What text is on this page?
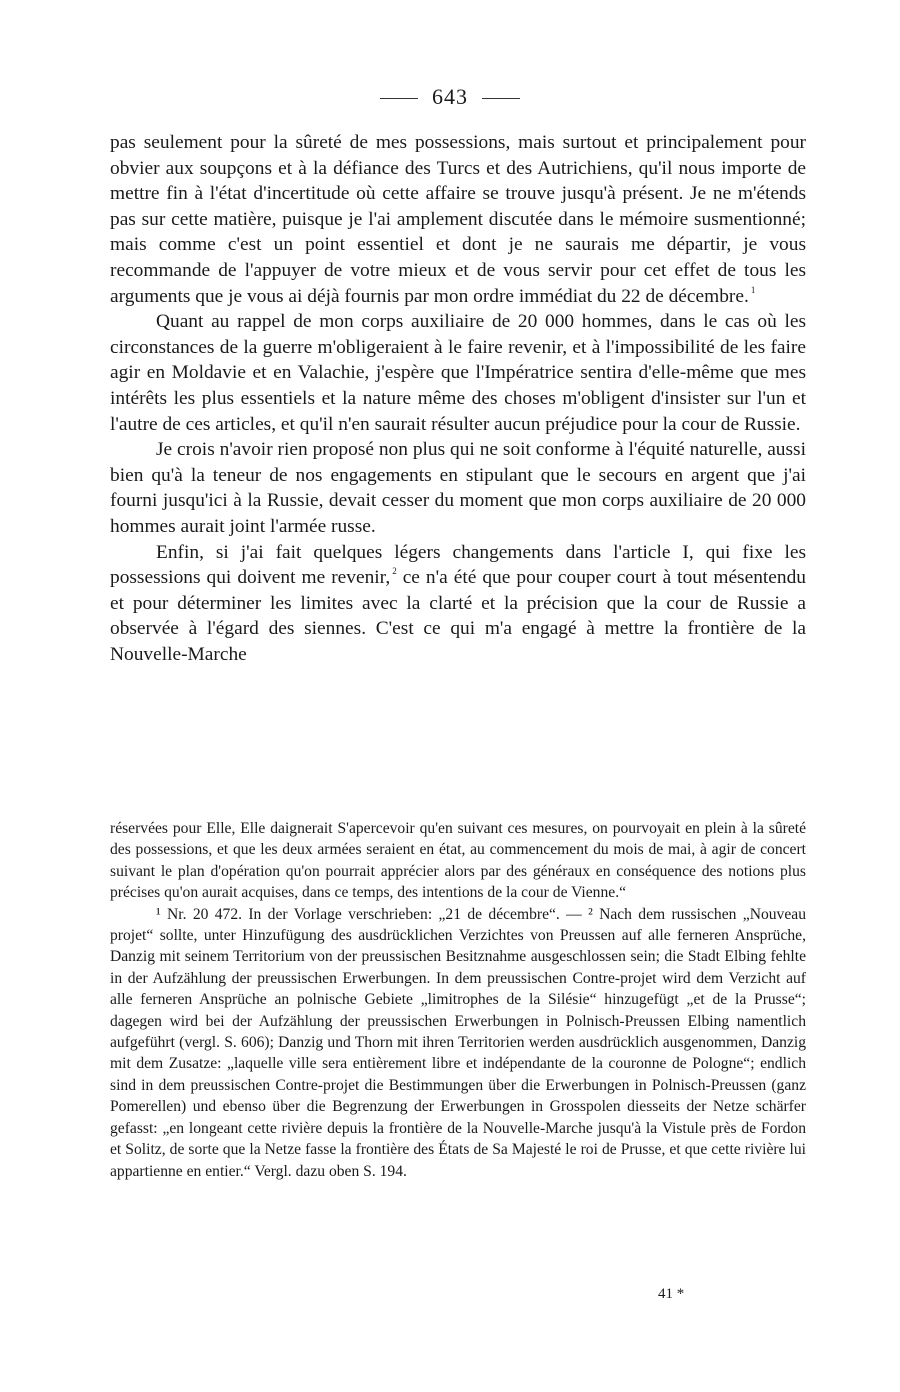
643

pas seulement pour la sûreté de mes possessions, mais surtout et principalement pour obvier aux soupçons et à la défiance des Turcs et des Autrichiens, qu'il nous importe de mettre fin à l'état d'incertitude où cette affaire se trouve jusqu'à présent. Je ne m'étends pas sur cette matière, puisque je l'ai amplement discutée dans le mémoire susmentionné; mais comme c'est un point essentiel et dont je ne saurais me départir, je vous recommande de l'appuyer de votre mieux et de vous servir pour cet effet de tous les arguments que je vous ai déjà fournis par mon ordre immédiat du 22 de décembre. $^1$

Quant au rappel de mon corps auxiliaire de 20 000 hommes, dans le cas où les circonstances de la guerre m'obligeraient à le faire revenir, et à l'impossibilité de les faire agir en Moldavie et en Valachie, j'espère que l'Impératrice sentira d'elle-même que mes intérêts les plus essentiels et la nature même des choses m'obligent d'insister sur l'un et l'autre de ces articles, et qu'il n'en saurait résulter aucun préjudice pour la cour de Russie.

Je crois n'avoir rien proposé non plus qui ne soit conforme à l'équité naturelle, aussi bien qu'à la teneur de nos engagements en stipulant que le secours en argent que j'ai fourni jusqu'ici à la Russie, devait cesser du moment que mon corps auxiliaire de 20 000 hommes aurait joint l'armée russe.

Enfin, si j'ai fait quelques légers changements dans l'article I, qui fixe les possessions qui doivent me revenir, $^2$ ce n'a été que pour couper court à tout mésentendu et pour déterminer les limites avec la clarté et la précision que la cour de Russie a observée à l'égard des siennes. C'est ce qui m'a engagé à mettre la frontière de la Nouvelle-Marche

réservées pour Elle, Elle daignerait S'apercevoir qu'en suivant ces mesures, on pourvoyait en plein à la sûreté des possessions, et que les deux armées seraient en état, au commencement du mois de mai, à agir de concert suivant le plan d'opération qu'on pourrait apprécier alors par des généraux en conséquence des notions plus précises qu'on aurait acquises, dans ce temps, des intentions de la cour de Vienne.“

¹ Nr. 20 472. In der Vorlage verschrieben: „21 de décembre“. — ² Nach dem russischen „Nouveau projet“ sollte, unter Hinzufügung des ausdrücklichen Verzichtes von Preussen auf alle ferneren Ansprüche, Danzig mit seinem Territorium von der preussischen Besitznahme ausgeschlossen sein; die Stadt Elbing fehlte in der Aufzählung der preussischen Erwerbungen. In dem preussischen Contre-projet wird dem Verzicht auf alle ferneren Ansprüche an polnische Gebiete „limitrophes de la Silésie“ hinzugefügt „et de la Prusse“; dagegen wird bei der Aufzählung der preussischen Erwerbungen in Polnisch-Preussen Elbing namentlich aufgeführt (vergl. S. 606); Danzig und Thorn mit ihren Territorien werden ausdrücklich ausgenommen, Danzig mit dem Zusatze: „laquelle ville sera entièrement libre et indépendante de la couronne de Pologne“; endlich sind in dem preussischen Contre-projet die Bestimmungen über die Erwerbungen in Polnisch-Preussen (ganz Pomerellen) und ebenso über die Begrenzung der Erwerbungen in Grosspolen diesseits der Netze schärfer gefasst: „en longeant cette rivière depuis la frontière de la Nouvelle-Marche jusqu'à la Vistule près de Fordon et Solitz, de sorte que la Netze fasse la frontière des États de Sa Majesté le roi de Prusse, et que cette rivière lui appartienne en entier.“ Vergl. dazu oben S. 194.

41 *
